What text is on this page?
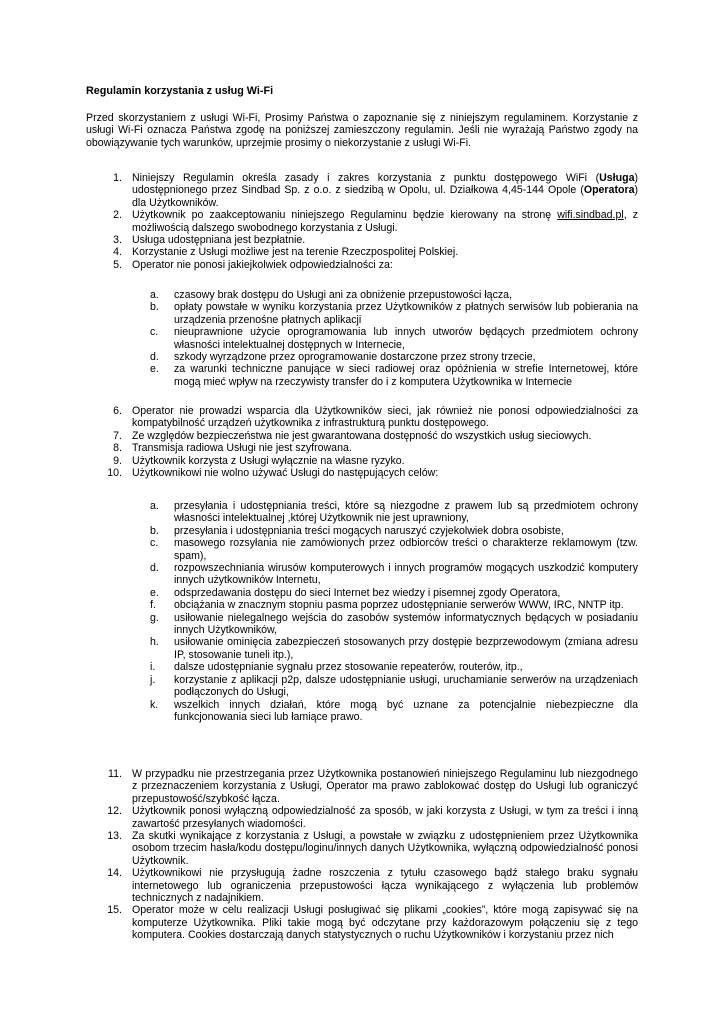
Regulamin korzystania z usług Wi-Fi
Przed skorzystaniem z usługi Wi-Fi, Prosimy Państwa o zapoznanie się z niniejszym regulaminem. Korzystanie z usługi Wi-Fi oznacza Państwa zgodę na poniższej zamieszczony regulamin. Jeśli nie wyrażają Państwo zgody na obowiązywanie tych warunków, uprzejmie prosimy o niekorzystanie z usługi Wi-Fi.
1. Niniejszy Regulamin określa zasady i zakres korzystania z punktu dostępowego WiFi (Usługa) udostępnionego przez Sindbad Sp. z o.o. z siedzibą w Opolu, ul. Działkowa 4,45-144 Opole (Operatora) dla Użytkowników.
2. Użytkownik po zaakceptowaniu niniejszego Regulaminu będzie kierowany na stronę wifi.sindbad.pl, z możliwością dalszego swobodnego korzystania z Usługi.
3. Usługa udostępniana jest bezpłatnie.
4. Korzystanie z Usługi możliwe jest na terenie Rzeczpospolitej Polskiej.
5. Operator nie ponosi jakiejkolwiek odpowiedzialności za:
a. czasowy brak dostępu do Usługi ani za obniżenie przepustowości łącza,
b. opłaty powstałe w wyniku korzystania przez Użytkowników z płatnych serwisów lub pobierania na urządzenia przenośne płatnych aplikacji
c. nieuprawnione użycie oprogramowania lub innych utworów będących przedmiotem ochrony własności intelektualnej dostępnych w Internecie,
d. szkody wyrządzone przez oprogramowanie dostarczone przez strony trzecie,
e. za warunki techniczne panujące w sieci radiowej oraz opóźnienia w strefie Internetowej, które mogą mieć wpływ na rzeczywisty transfer do i z komputera Użytkownika w Internecie
6. Operator nie prowadzi wsparcia dla Użytkowników sieci, jak również nie ponosi odpowiedzialności za kompatybilność urządzeń użytkownika z infrastrukturą punktu dostępowego.
7. Ze względów bezpieczeństwa nie jest gwarantowana dostępność do wszystkich usług sieciowych.
8. Transmisja radiowa Usługi nie jest szyfrowana.
9. Użytkownik korzysta z Usługi wyłącznie na własne ryzyko.
10. Użytkownikowi nie wolno używać Usługi do następujących celów:
a. przesyłania i udostępniania treści, które są niezgodne z prawem lub są przedmiotem ochrony własności intelektualnej ,której Użytkownik nie jest uprawniony,
b. przesyłania i udostępniania treści mogących naruszyć czyjekolwiek dobra osobiste,
c. masowego rozsyłania nie zamówionych przez odbiorców treści o charakterze reklamowym (tzw. spam),
d. rozpowszechniania wirusów komputerowych i innych programów mogących uszkodzić komputery innych użytkowników Internetu,
e. odsprzedawania dostępu do sieci Internet bez wiedzy i pisemnej zgody Operatora,
f. obciążania w znacznym stopniu pasma poprzez udostępnianie serwerów WWW, IRC, NNTP itp.
g. usiłowanie nielegalnego wejścia do zasobów systemów informatycznych będących w posiadaniu innych Użytkowników,
h. usiłowanie ominięcia zabezpieczeń stosowanych przy dostępie bezprzewodowym (zmiana adresu IP, stosowanie tuneli itp.),
i. dalsze udostępnianie sygnału przez stosowanie repeaterów, routerów, itp.,
j. korzystanie z aplikacji p2p, dalsze udostępnianie usługi, uruchamianie serwerów na urządzeniach podłączonych do Usługi,
k. wszelkich innych działań, które mogą być uznane za potencjalnie niebezpieczne dla funkcjonowania sieci lub łamiące prawo.
11. W przypadku nie przestrzegania przez Użytkownika postanowień niniejszego Regulaminu lub niezgodnego z przeznaczeniem korzystania z Usługi, Operator ma prawo zablokować dostęp do Usługi lub ograniczyć przepustowość/szybkość łącza.
12. Użytkownik ponosi wyłączną odpowiedzialność za sposób, w jaki korzysta z Usługi, w tym za treści i inną zawartość przesyłanych wiadomości.
13. Za skutki wynikające z korzystania z Usługi, a powstałe w związku z udostępnieniem przez Użytkownika osobom trzecim hasła/kodu dostępu/loginu/innych danych Użytkownika, wyłączną odpowiedzialność ponosi Użytkownik.
14. Użytkownikowi nie przysługują żadne roszczenia z tytułu czasowego bądź stałego braku sygnału internetowego lub ograniczenia przepustowości łącza wynikającego z wyłączenia lub problemów technicznych z nadajnikiem.
15. Operator może w celu realizacji Usługi posługiwać się plikami „cookies”, które mogą zapisywać się na komputerze Użytkownika. Pliki takie mogą być odczytane przy każdorazowym połączeniu się z tego komputera. Cookies dostarczają danych statystycznych o ruchu Użytkowników i korzystaniu przez nich
